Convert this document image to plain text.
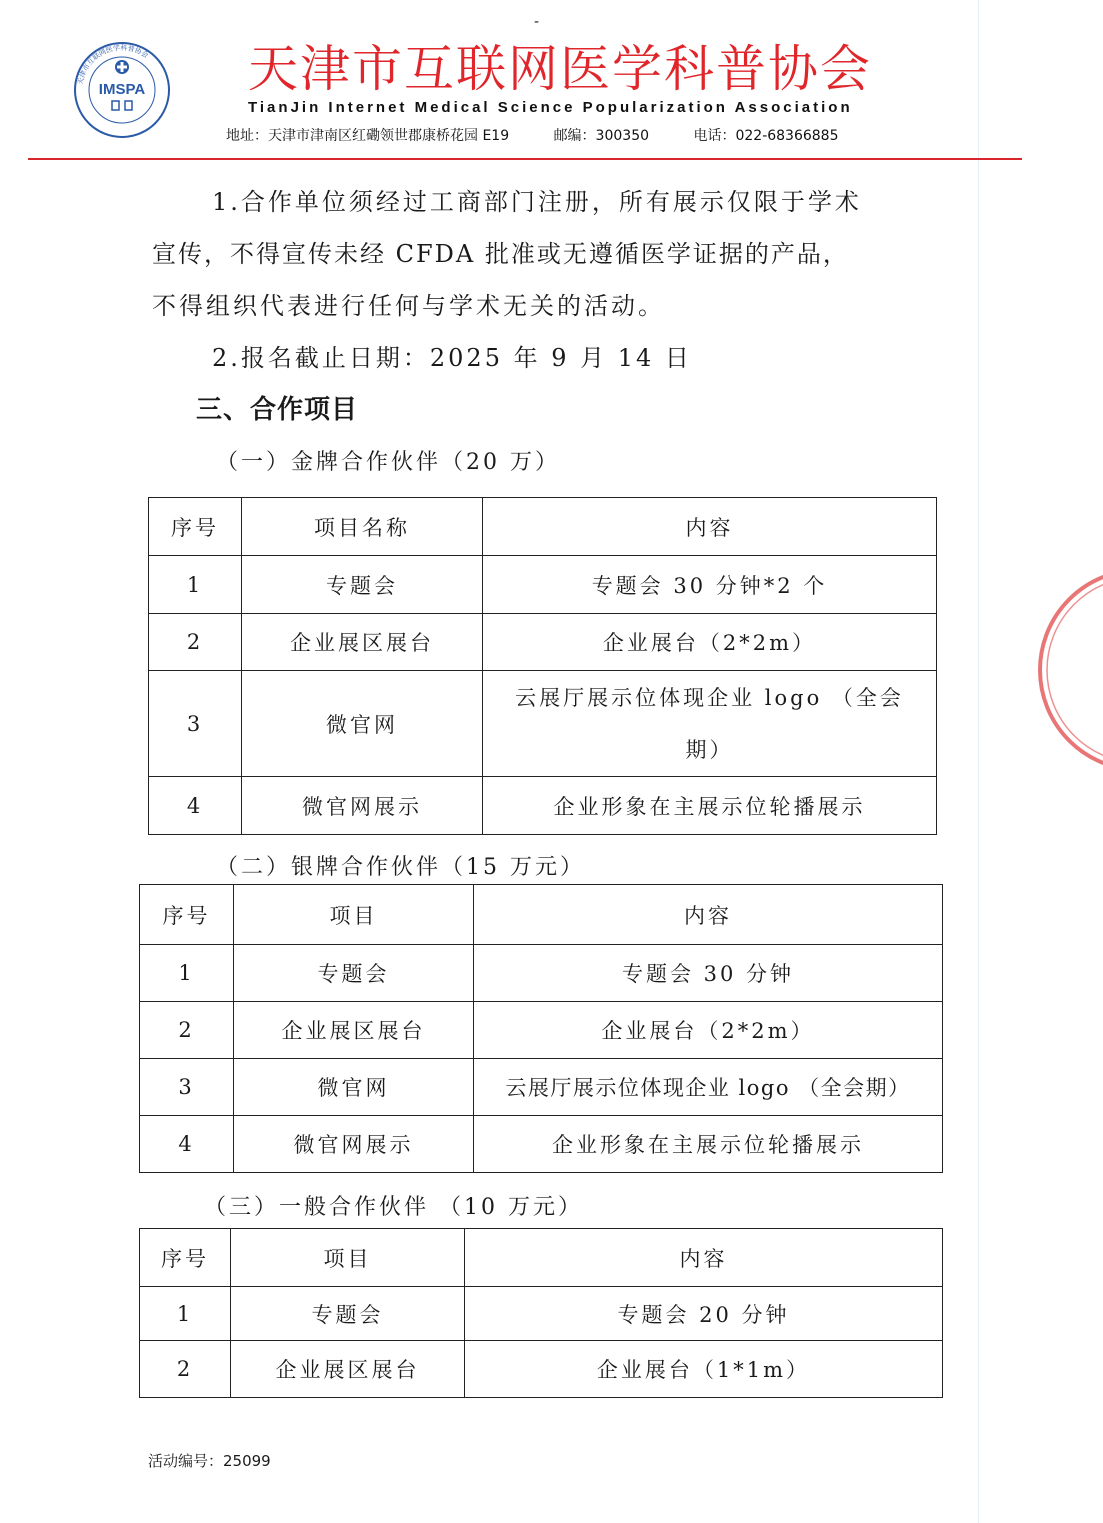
-
天津市互联网医学科普协会
IMSPA 天津市互联网医学科普协会
TianJin Internet Medical Science Popularization Association
地址：天津市津南区红磡领世郡康桥花园 E19	邮编：300350	电话：022-68366885
1.合作单位须经过工商部门注册，所有展示仅限于学术
宣传，不得宣传未经 CFDA 批准或无遵循医学证据的产品，
不得组织代表进行任何与学术无关的活动。
2.报名截止日期：2025 年 9 月 14 日
三、合作项目
（一）金牌合作伙伴（20 万）
序号	项目名称	内容
1	专题会	专题会 30 分钟*2 个
2	企业展区展台	企业展台（2*2m）
3	微官网	云展厅展示位体现企业 logo （全会
期）

4	微官网展示	企业形象在主展示位轮播展示
（二）银牌合作伙伴（15 万元）
序号	项目	内容
1	专题会	专题会 30 分钟
2	企业展区展台	企业展台（2*2m）
3	微官网	云展厅展示位体现企业 logo （全会期）
4	微官网展示	企业形象在主展示位轮播展示
（三）一般合作伙伴 （10 万元）
序号	项目	内容
1	专题会	专题会 20 分钟
2	企业展区展台	企业展台（1*1m）
活动编号：25099
